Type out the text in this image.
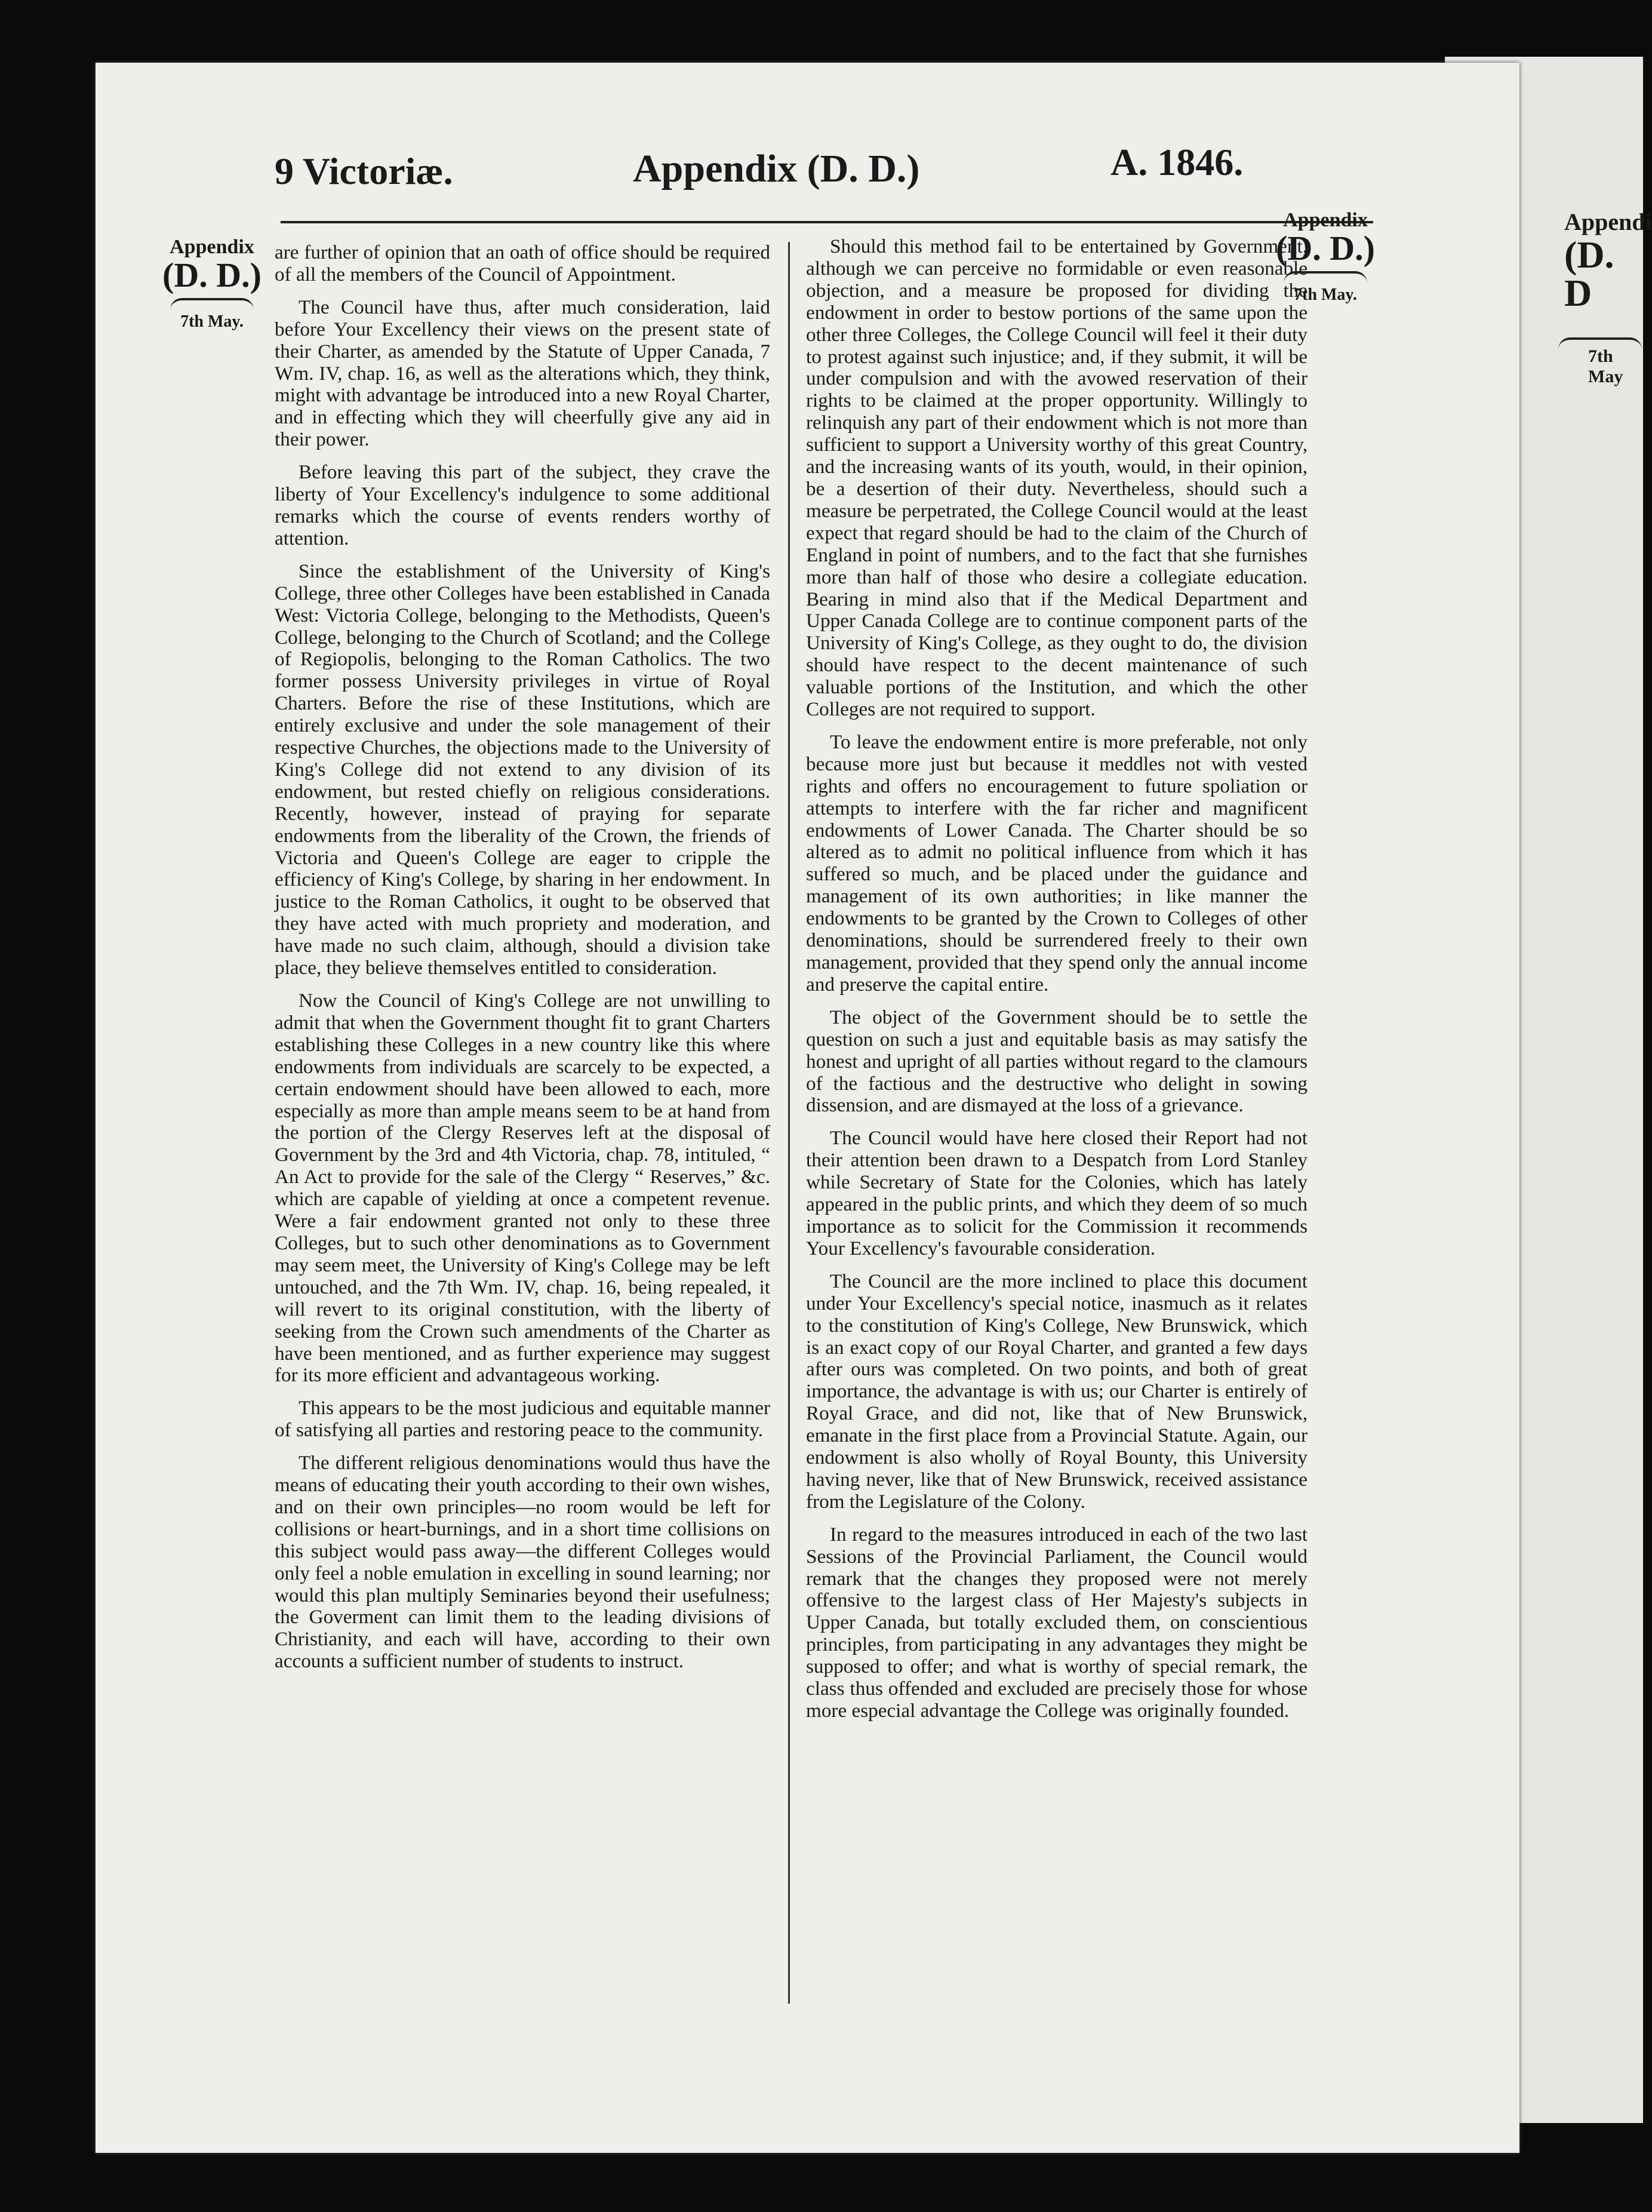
Appendi
(D. D
7th May
9 Victoriæ.	Appendix (D. D.)	A. 1846.
Appendix
(D. D.)
7th May.
Appendix
(D. D.)
7th May.

are further of opinion that an oath of office should be required of all the members of the Council of Appointment.

The Council have thus, after much consideration, laid before Your Excellency their views on the present state of their Charter, as amended by the Statute of Upper Canada, 7 Wm. IV, chap. 16, as well as the alterations which, they think, might with advantage be introduced into a new Royal Charter, and in effecting which they will cheerfully give any aid in their power.

Before leaving this part of the subject, they crave the liberty of Your Excellency's indulgence to some additional remarks which the course of events renders worthy of attention.

Since the establishment of the University of King's College, three other Colleges have been established in Canada West: Victoria College, belonging to the Methodists, Queen's College, belonging to the Church of Scotland; and the College of Regiopolis, belonging to the Roman Catholics. The two former possess University privileges in virtue of Royal Charters. Before the rise of these Institutions, which are entirely exclusive and under the sole management of their respective Churches, the objections made to the University of King's College did not extend to any division of its endowment, but rested chiefly on religious considerations. Recently, however, instead of praying for separate endowments from the liberality of the Crown, the friends of Victoria and Queen's College are eager to cripple the efficiency of King's College, by sharing in her endowment. In justice to the Roman Catholics, it ought to be observed that they have acted with much propriety and moderation, and have made no such claim, although, should a division take place, they believe themselves entitled to consideration.

Now the Council of King's College are not unwilling to admit that when the Government thought fit to grant Charters establishing these Colleges in a new country like this where endowments from individuals are scarcely to be expected, a certain endowment should have been allowed to each, more especially as more than ample means seem to be at hand from the portion of the Clergy Reserves left at the disposal of Government by the 3rd and 4th Victoria, chap. 78, intituled, “ An Act to provide for the sale of the Clergy “ Reserves,” &c. which are capable of yielding at once a competent revenue. Were a fair endowment granted not only to these three Colleges, but to such other denominations as to Government may seem meet, the University of King's College may be left untouched, and the 7th Wm. IV, chap. 16, being repealed, it will revert to its original constitution, with the liberty of seeking from the Crown such amendments of the Charter as have been mentioned, and as further experience may suggest for its more efficient and advantageous working.

This appears to be the most judicious and equitable manner of satisfying all parties and restoring peace to the community.

The different religious denominations would thus have the means of educating their youth according to their own wishes, and on their own principles—no room would be left for collisions or heart-burnings, and in a short time collisions on this subject would pass away—the different Colleges would only feel a noble emulation in excelling in sound learning; nor would this plan multiply Seminaries beyond their usefulness; the Goverment can limit them to the leading divisions of Christianity, and each will have, according to their own accounts a sufficient number of students to instruct.

Should this method fail to be entertained by Government, although we can perceive no formidable or even reasonable objection, and a measure be proposed for dividing the endowment in order to bestow portions of the same upon the other three Colleges, the College Council will feel it their duty to protest against such injustice; and, if they submit, it will be under compulsion and with the avowed reservation of their rights to be claimed at the proper opportunity. Willingly to relinquish any part of their endowment which is not more than sufficient to support a University worthy of this great Country, and the increasing wants of its youth, would, in their opinion, be a desertion of their duty. Nevertheless, should such a measure be perpetrated, the College Council would at the least expect that regard should be had to the claim of the Church of England in point of numbers, and to the fact that she furnishes more than half of those who desire a collegiate education. Bearing in mind also that if the Medical Department and Upper Canada College are to continue component parts of the University of King's College, as they ought to do, the division should have respect to the decent maintenance of such valuable portions of the Institution, and which the other Colleges are not required to support.

To leave the endowment entire is more preferable, not only because more just but because it meddles not with vested rights and offers no encouragement to future spoliation or attempts to interfere with the far richer and magnificent endowments of Lower Canada. The Charter should be so altered as to admit no political influence from which it has suffered so much, and be placed under the guidance and management of its own authorities; in like manner the endowments to be granted by the Crown to Colleges of other denominations, should be surrendered freely to their own management, provided that they spend only the annual income and preserve the capital entire.

The object of the Government should be to settle the question on such a just and equitable basis as may satisfy the honest and upright of all parties without regard to the clamours of the factious and the destructive who delight in sowing dissension, and are dismayed at the loss of a grievance.

The Council would have here closed their Report had not their attention been drawn to a Despatch from Lord Stanley while Secretary of State for the Colonies, which has lately appeared in the public prints, and which they deem of so much importance as to solicit for the Commission it recommends Your Excellency's favourable consideration.

The Council are the more inclined to place this document under Your Excellency's special notice, inasmuch as it relates to the constitution of King's College, New Brunswick, which is an exact copy of our Royal Charter, and granted a few days after ours was completed. On two points, and both of great importance, the advantage is with us; our Charter is entirely of Royal Grace, and did not, like that of New Brunswick, emanate in the first place from a Provincial Statute. Again, our endowment is also wholly of Royal Bounty, this University having never, like that of New Brunswick, received assistance from the Legislature of the Colony.

In regard to the measures introduced in each of the two last Sessions of the Provincial Parliament, the Council would remark that the changes they proposed were not merely offensive to the largest class of Her Majesty's subjects in Upper Canada, but totally excluded them, on conscientious principles, from participating in any advantages they might be supposed to offer; and what is worthy of special remark, the class thus offended and excluded are precisely those for whose more especial advantage the College was originally founded.
